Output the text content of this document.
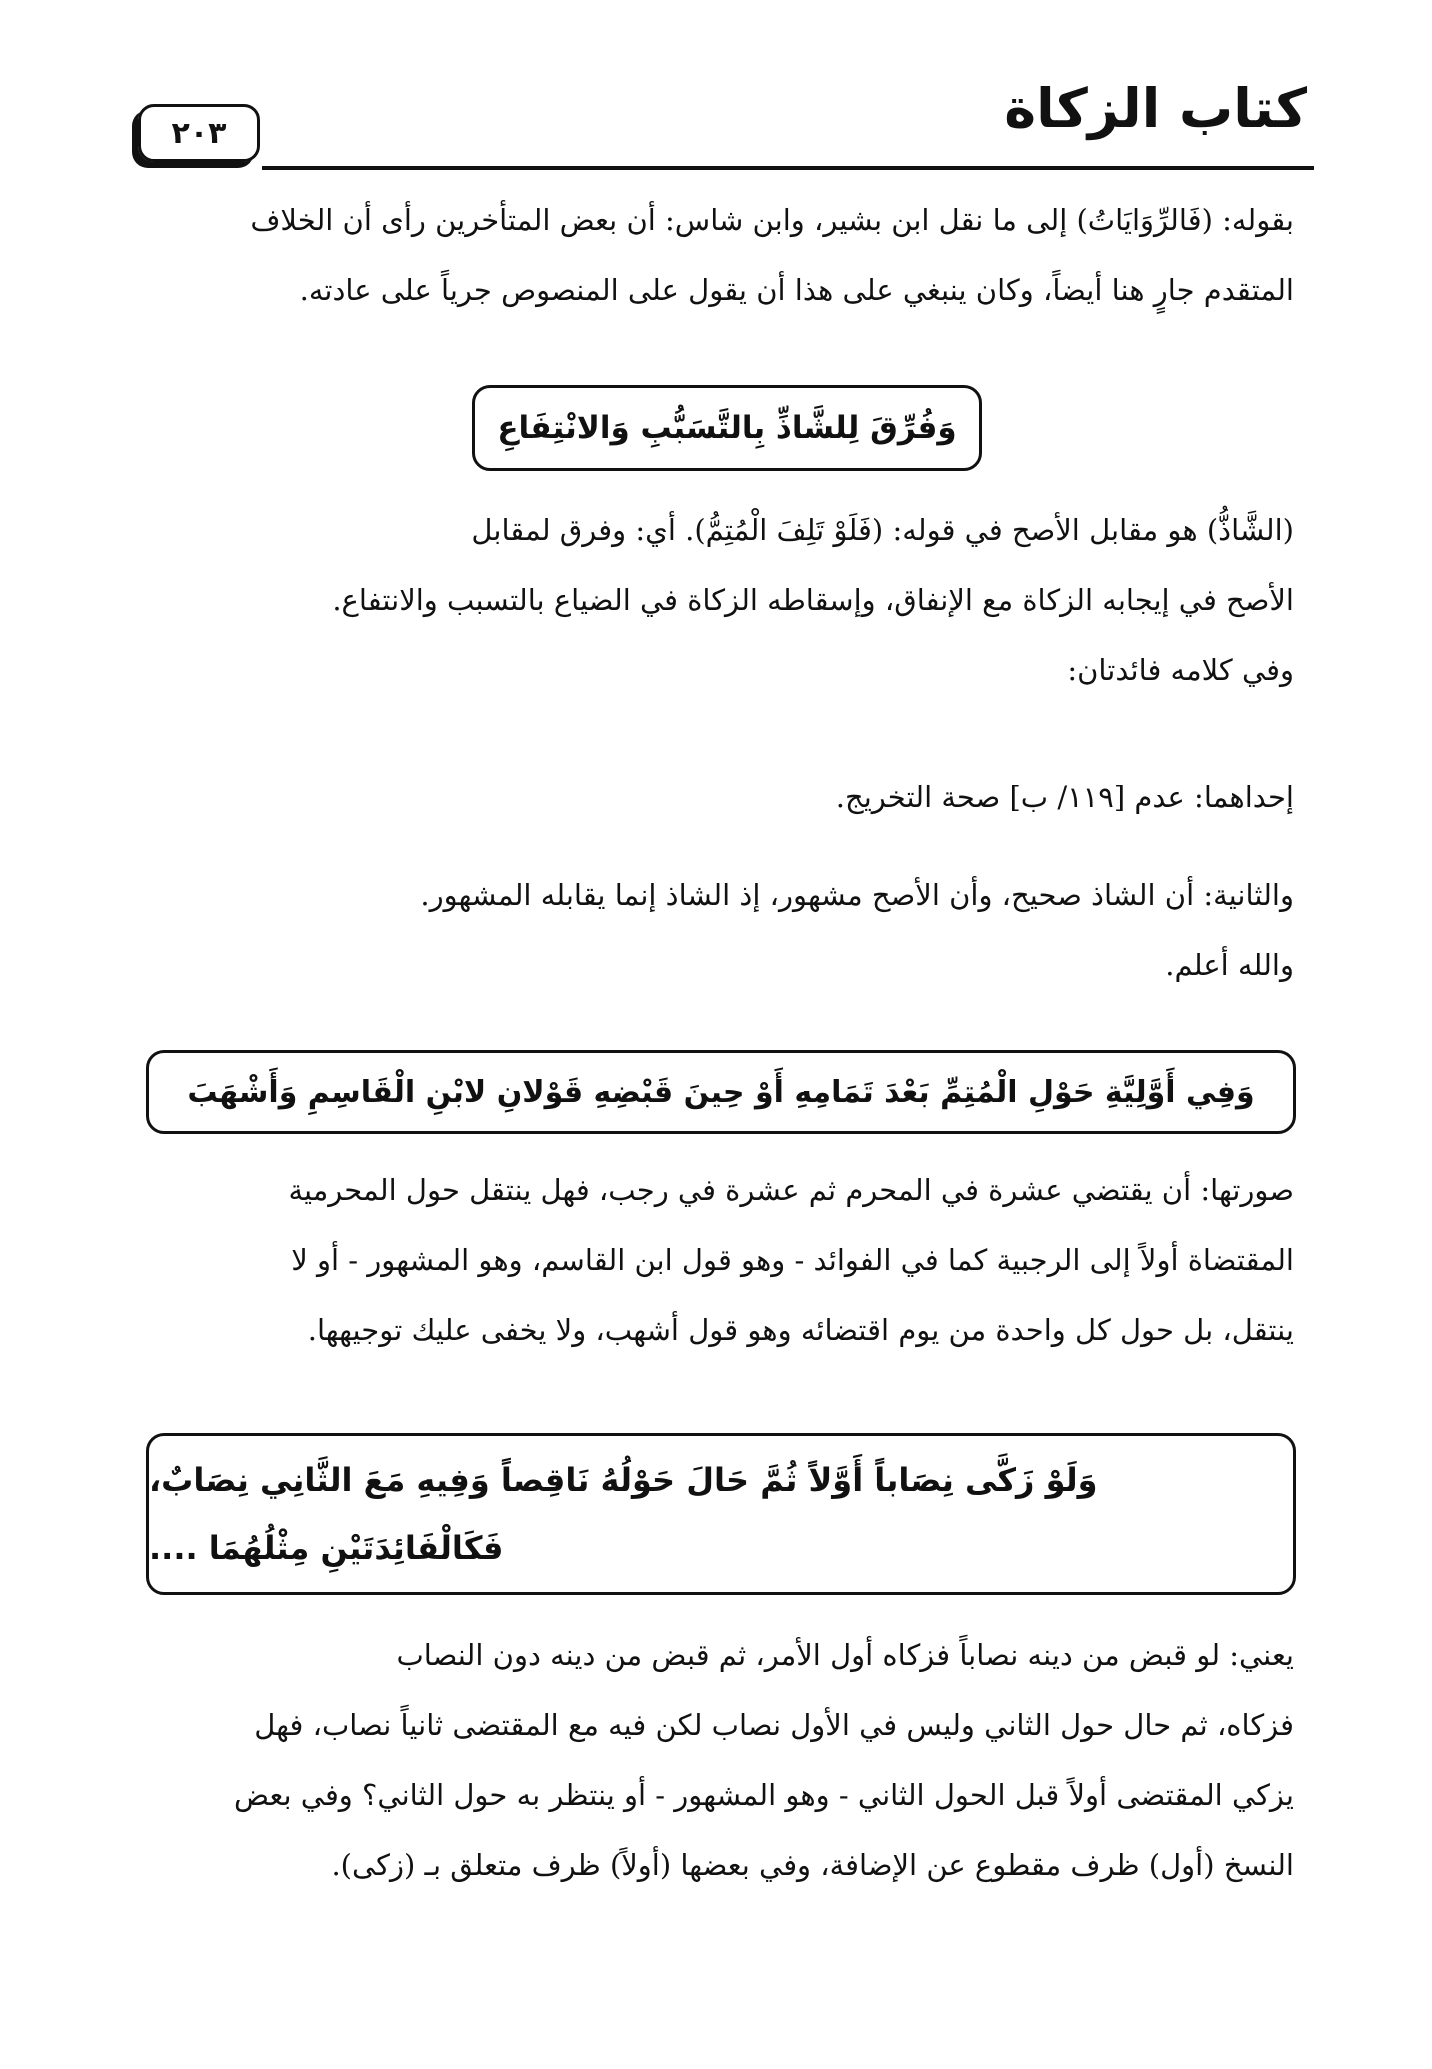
كتاب الزكاة
٢٠٣
بقوله: (فَالرِّوَايَاتُ) إلى ما نقل ابن بشير، وابن شاس: أن بعض المتأخرين رأى أن الخلاف
المتقدم جارٍ هنا أيضاً، وكان ينبغي على هذا أن يقول على المنصوص جرياً على عادته.
وَفُرِّقَ لِلشَّاذِّ بِالتَّسَبُّبِ وَالانْتِفَاعِ
(الشَّاذُّ) هو مقابل الأصح في قوله: (فَلَوْ تَلِفَ الْمُتِمُّ). أي: وفرق لمقابل
الأصح في إيجابه الزكاة مع الإنفاق، وإسقاطه الزكاة في الضياع بالتسبب والانتفاع.
وفي كلامه فائدتان:
إحداهما: عدم [١١٩/ ب] صحة التخريج.
والثانية: أن الشاذ صحيح، وأن الأصح مشهور، إذ الشاذ إنما يقابله المشهور.
والله أعلم.
وَفِي أَوَّلِيَّةِ حَوْلِ الْمُتِمِّ بَعْدَ تَمَامِهِ أَوْ حِينَ قَبْضِهِ قَوْلانِ لابْنِ الْقَاسِمِ وَأَشْهَبَ
صورتها: أن يقتضي عشرة في المحرم ثم عشرة في رجب، فهل ينتقل حول المحرمية
المقتضاة أولاً إلى الرجبية كما في الفوائد - وهو قول ابن القاسم، وهو المشهور - أو لا
ينتقل، بل حول كل واحدة من يوم اقتضائه وهو قول أشهب، ولا يخفى عليك توجيهها.
وَلَوْ زَكَّى نِصَاباً أَوَّلاً ثُمَّ حَالَ حَوْلُهُ نَاقِصاً وَفِيهِ مَعَ الثَّانِي نِصَابٌ،
فَكَالْفَائِدَتَيْنِ مِثْلُهُمَا ....
يعني: لو قبض من دينه نصاباً فزكاه أول الأمر، ثم قبض من دينه دون النصاب
فزكاه، ثم حال حول الثاني وليس في الأول نصاب لكن فيه مع المقتضى ثانياً نصاب، فهل
يزكي المقتضى أولاً قبل الحول الثاني - وهو المشهور - أو ينتظر به حول الثاني؟ وفي بعض
النسخ (أول) ظرف مقطوع عن الإضافة، وفي بعضها (أولاً) ظرف متعلق بـ (زكى).
